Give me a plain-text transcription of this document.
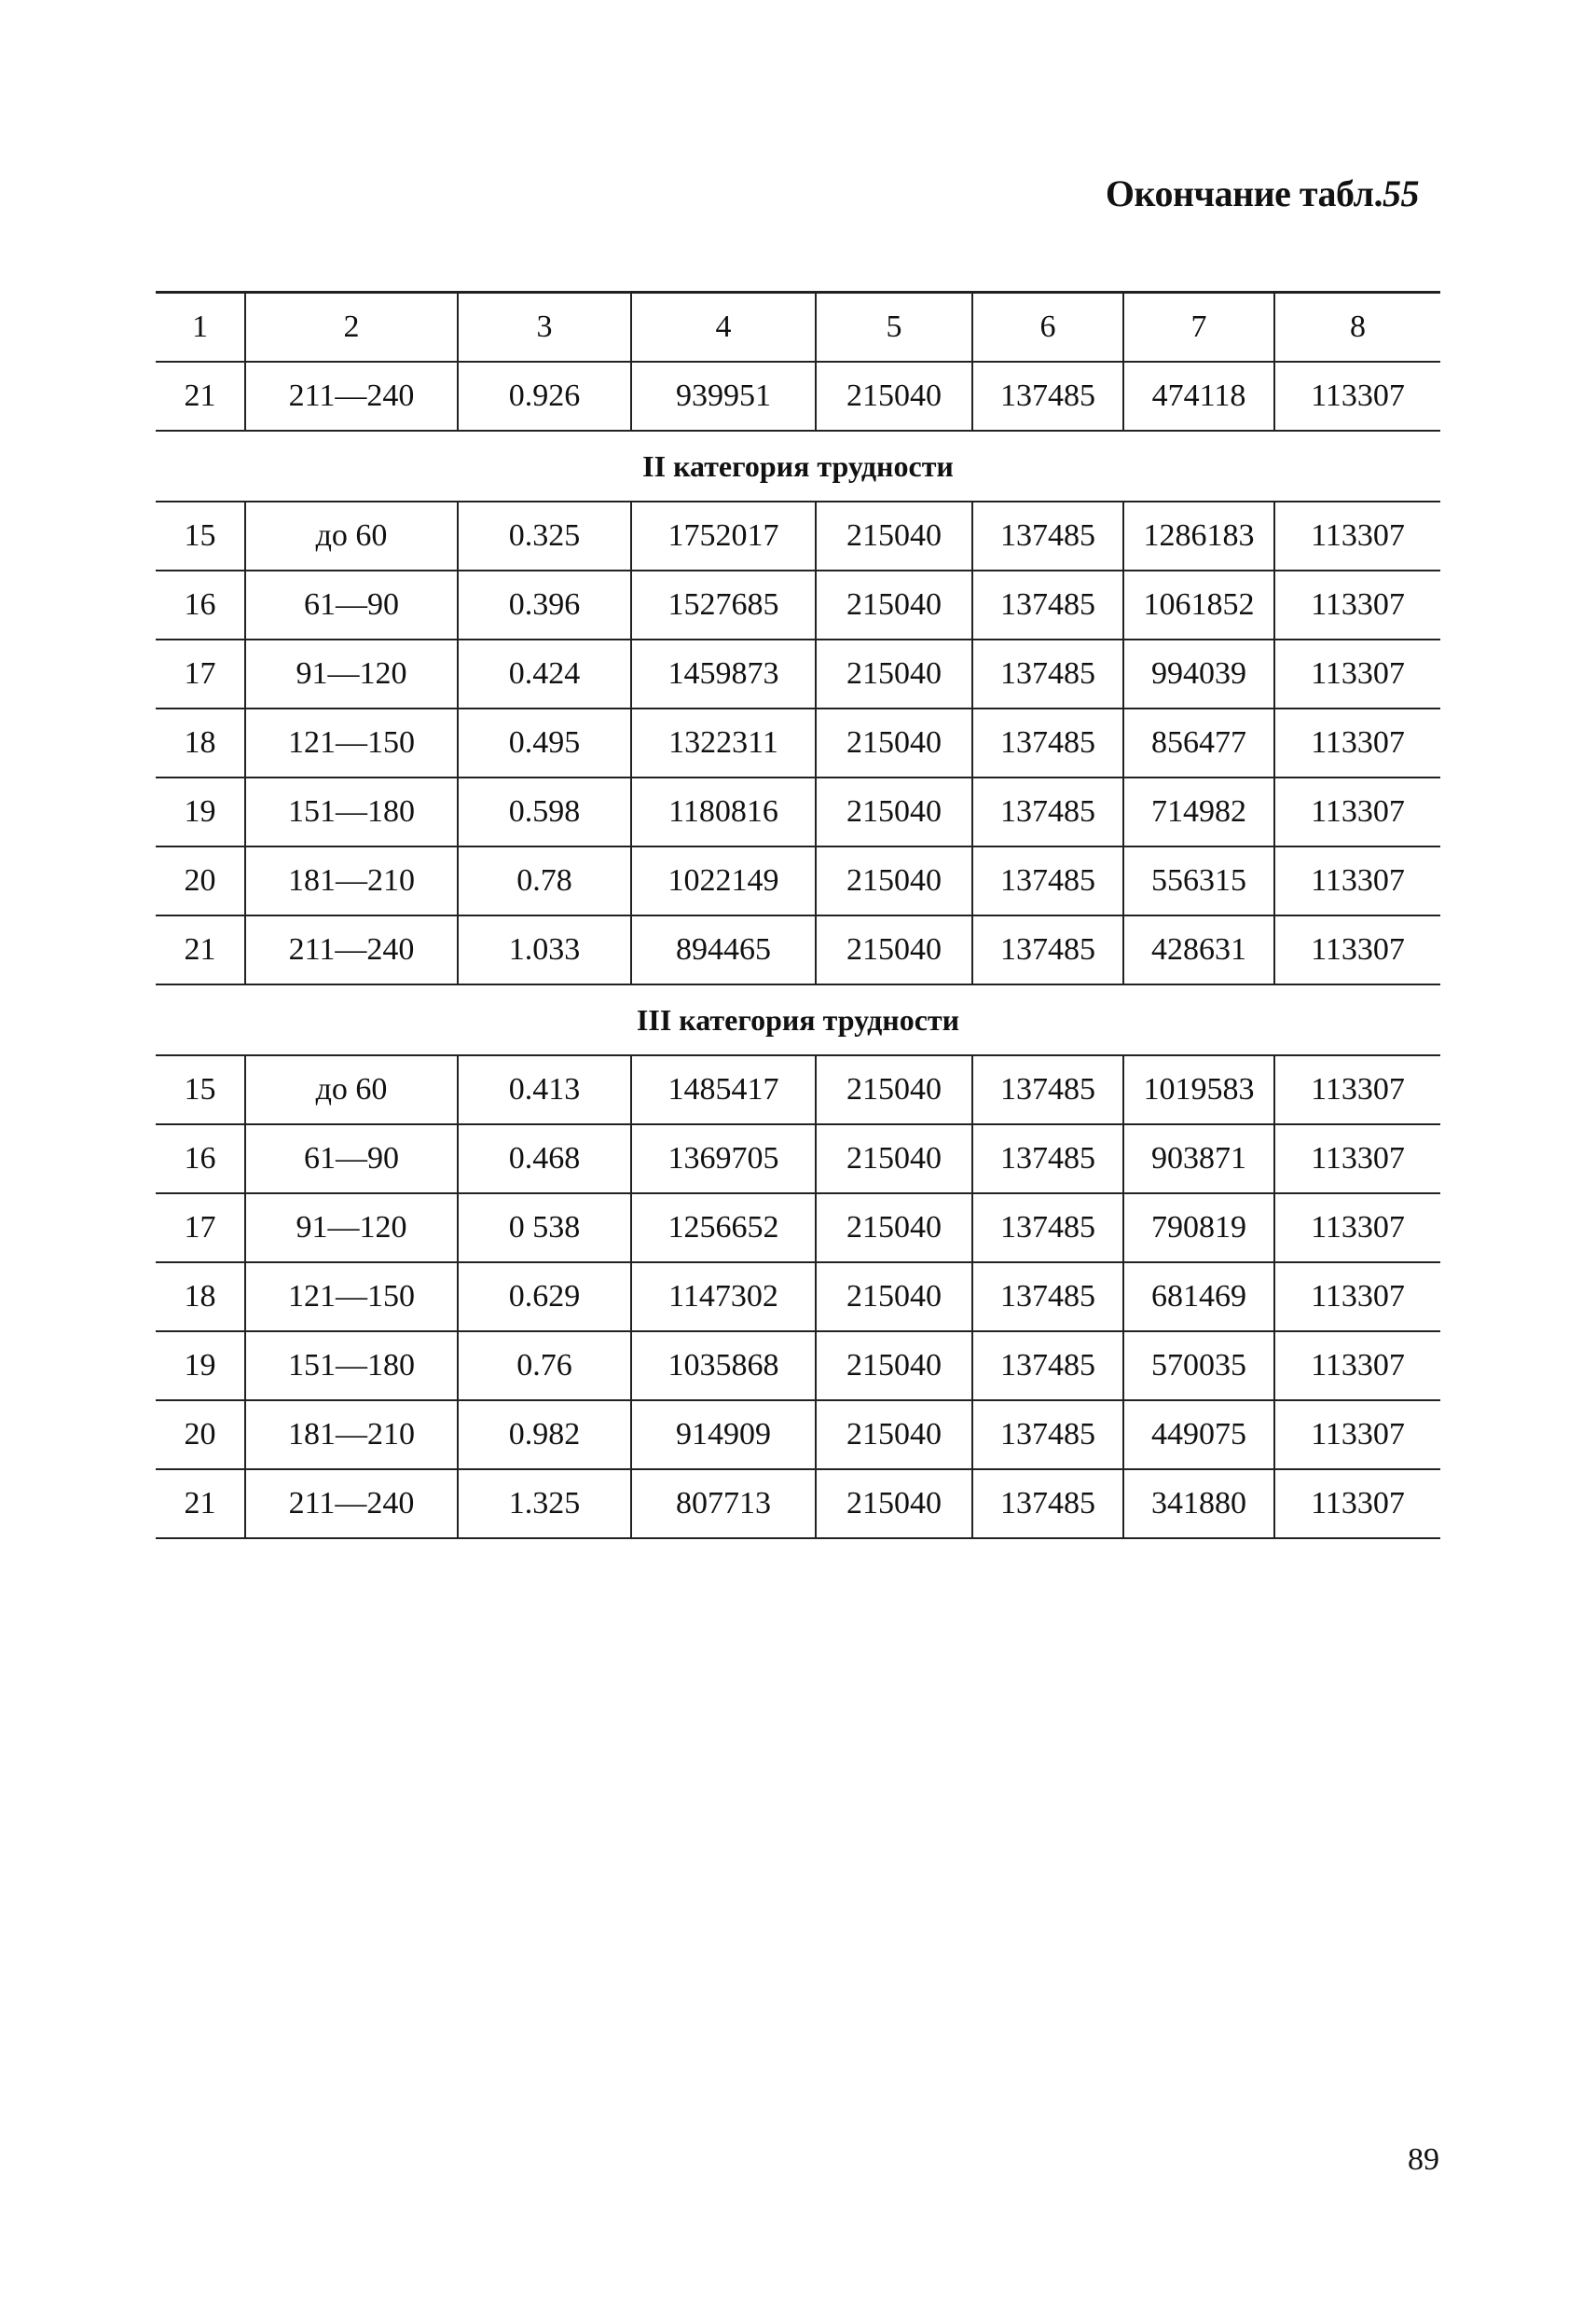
Окончание табл.55
1	2	3	4	5	6	7	8
21	211—240	0.926	939951	215040	137485	474118	113307
II категория трудности							
15	до 60	0.325	1752017	215040	137485	1286183	113307
16	61—90	0.396	1527685	215040	137485	1061852	113307
17	91—120	0.424	1459873	215040	137485	994039	113307
18	121—150	0.495	1322311	215040	137485	856477	113307
19	151—180	0.598	1180816	215040	137485	714982	113307
20	181—210	0.78	1022149	215040	137485	556315	113307
21	211—240	1.033	894465	215040	137485	428631	113307
III категория трудности							
15	до 60	0.413	1485417	215040	137485	1019583	113307
16	61—90	0.468	1369705	215040	137485	903871	113307
17	91—120	0 538	1256652	215040	137485	790819	113307
18	121—150	0.629	1147302	215040	137485	681469	113307
19	151—180	0.76	1035868	215040	137485	570035	113307
20	181—210	0.982	914909	215040	137485	449075	113307
21	211—240	1.325	807713	215040	137485	341880	113307
89
